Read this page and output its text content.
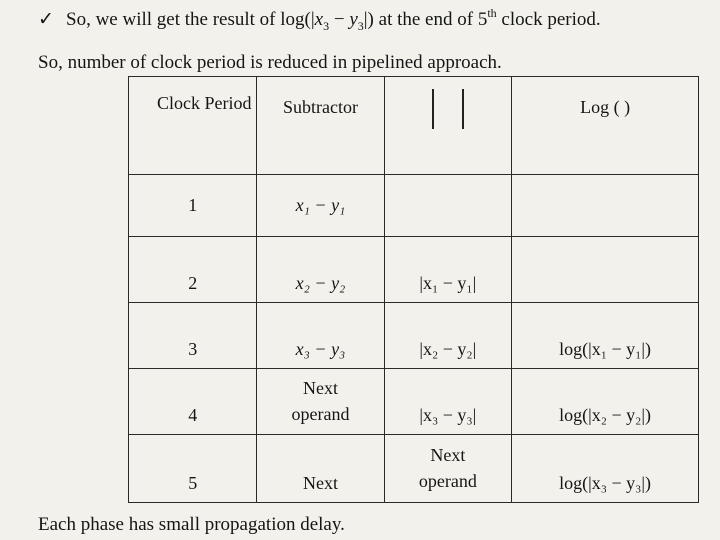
✓ So, we will get the result of $\log(|x_3 - y_3|)$ at the end of 5th clock period.
So, number of clock period is reduced in pipelined approach.
Clock Period	Subtractor		Log ( )
1	x₁ − y₁		
2	x₂ − y₂	|x₁ − y₁|	
3	x₃ − y₃	|x₂ − y₂|	log(|x₁ − y₁|)
4	Next operand	|x₃ − y₃|	log(|x₂ − y₂|)
5	Next	Next operand	log(|x₃ − y₃|)
Each phase has small propagation delay.
